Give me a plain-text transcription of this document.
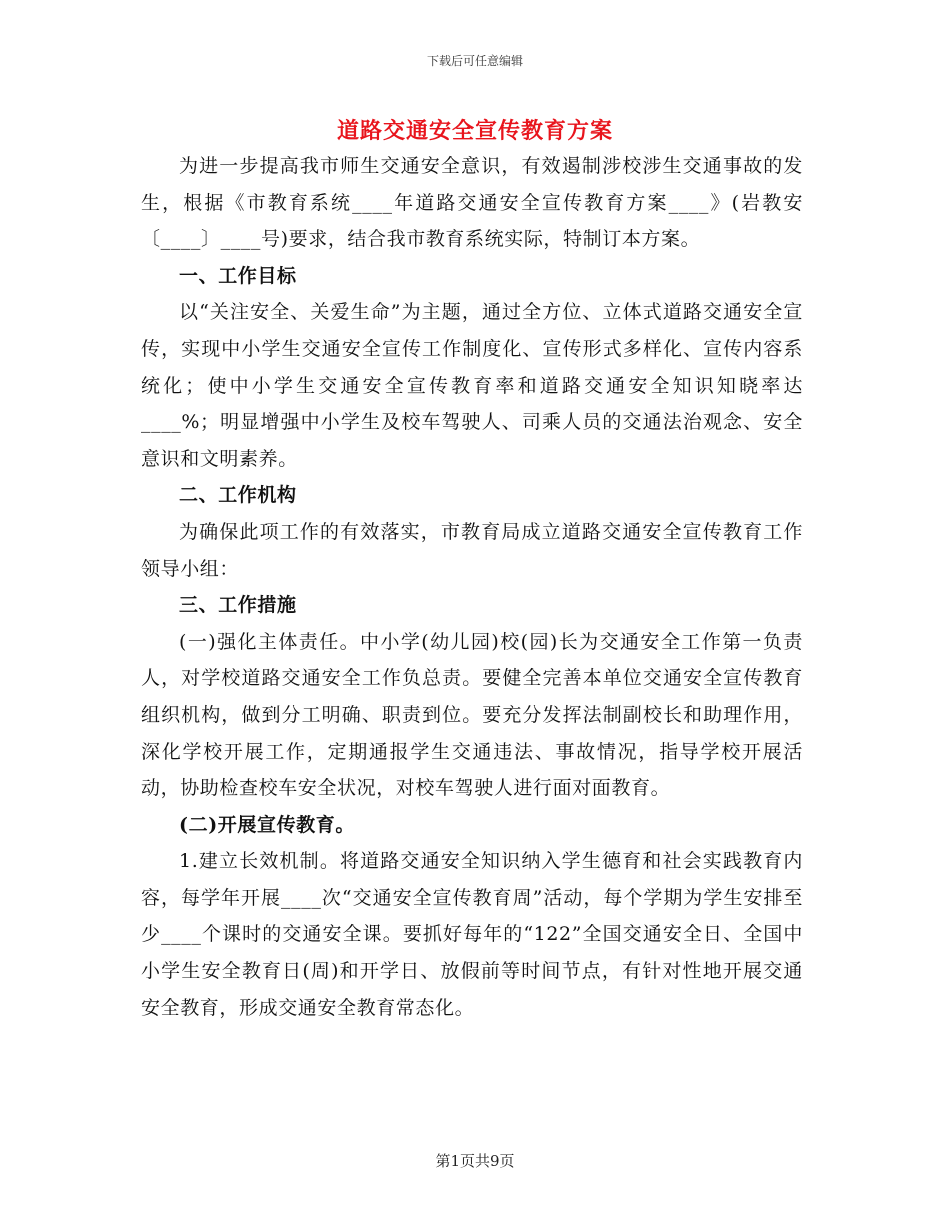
下载后可任意编辑
道路交通安全宣传教育方案

为进一步提高我市师生交通安全意识，有效遏制涉校涉生交通事故的发生，根据《市教育系统____年道路交通安全宣传教育方案____》(岩教安〔____〕____号)要求，结合我市教育系统实际，特制订本方案。

一、工作目标

以“关注安全、关爱生命”为主题，通过全方位、立体式道路交通安全宣传，实现中小学生交通安全宣传工作制度化、宣传形式多样化、宣传内容系统化；使中小学生交通安全宣传教育率和道路交通安全知识知晓率达____%；明显增强中小学生及校车驾驶人、司乘人员的交通法治观念、安全意识和文明素养。

二、工作机构

为确保此项工作的有效落实，市教育局成立道路交通安全宣传教育工作领导小组：

三、工作措施

(一)强化主体责任。中小学(幼儿园)校(园)长为交通安全工作第一负责人，对学校道路交通安全工作负总责。要健全完善本单位交通安全宣传教育组织机构，做到分工明确、职责到位。要充分发挥法制副校长和助理作用，深化学校开展工作，定期通报学生交通违法、事故情况，指导学校开展活动，协助检查校车安全状况，对校车驾驶人进行面对面教育。

(二)开展宣传教育。

1.建立长效机制。将道路交通安全知识纳入学生德育和社会实践教育内容，每学年开展____次“交通安全宣传教育周”活动，每个学期为学生安排至少____个课时的交通安全课。要抓好每年的“122”全国交通安全日、全国中小学生安全教育日(周)和开学日、放假前等时间节点，有针对性地开展交通安全教育，形成交通安全教育常态化。

第1页共9页
